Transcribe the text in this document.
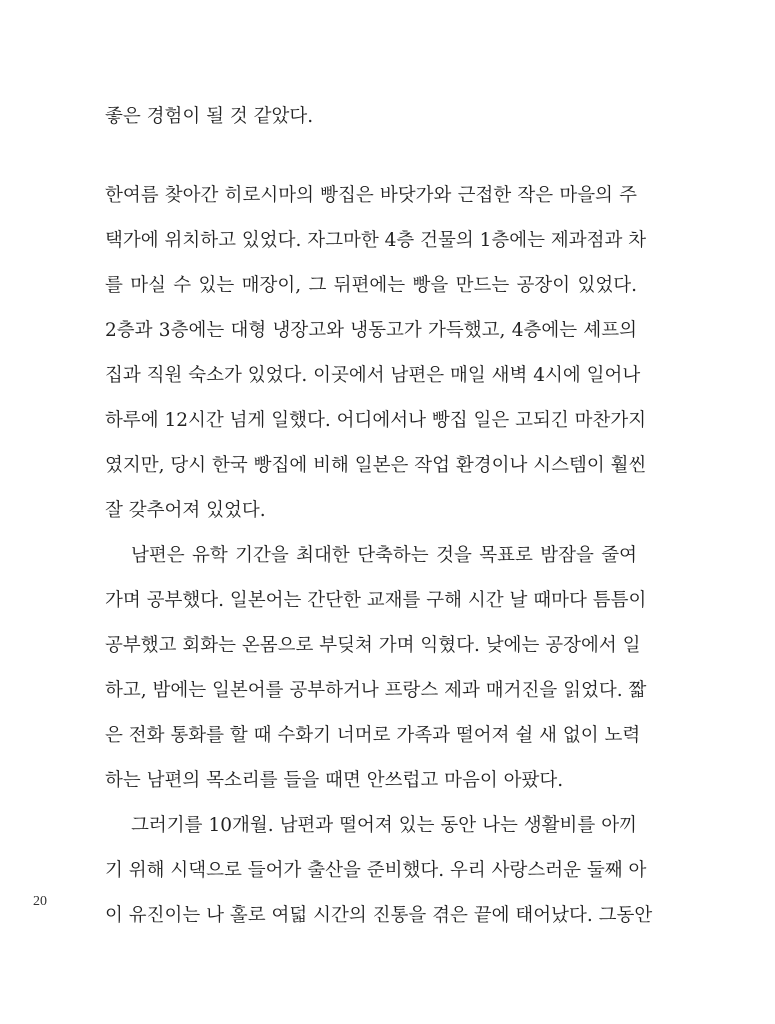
좋은 경험이 될 것 같았다.
한여름 찾아간 히로시마의 빵집은 바닷가와 근접한 작은 마을의 주
택가에 위치하고 있었다. 자그마한 4층 건물의 1층에는 제과점과 차
를 마실 수 있는 매장이, 그 뒤편에는 빵을 만드는 공장이 있었다.
2층과 3층에는 대형 냉장고와 냉동고가 가득했고, 4층에는 셰프의
집과 직원 숙소가 있었다. 이곳에서 남편은 매일 새벽 4시에 일어나
하루에 12시간 넘게 일했다. 어디에서나 빵집 일은 고되긴 마찬가지
였지만, 당시 한국 빵집에 비해 일본은 작업 환경이나 시스템이 훨씬
잘 갖추어져 있었다.
남편은 유학 기간을 최대한 단축하는 것을 목표로 밤잠을 줄여
가며 공부했다. 일본어는 간단한 교재를 구해 시간 날 때마다 틈틈이
공부했고 회화는 온몸으로 부딪쳐 가며 익혔다. 낮에는 공장에서 일
하고, 밤에는 일본어를 공부하거나 프랑스 제과 매거진을 읽었다. 짧
은 전화 통화를 할 때 수화기 너머로 가족과 떨어져 쉴 새 없이 노력
하는 남편의 목소리를 들을 때면 안쓰럽고 마음이 아팠다.
그러기를 10개월. 남편과 떨어져 있는 동안 나는 생활비를 아끼
기 위해 시댁으로 들어가 출산을 준비했다. 우리 사랑스러운 둘째 아
이 유진이는 나 홀로 여덟 시간의 진통을 겪은 끝에 태어났다. 그동안
20
